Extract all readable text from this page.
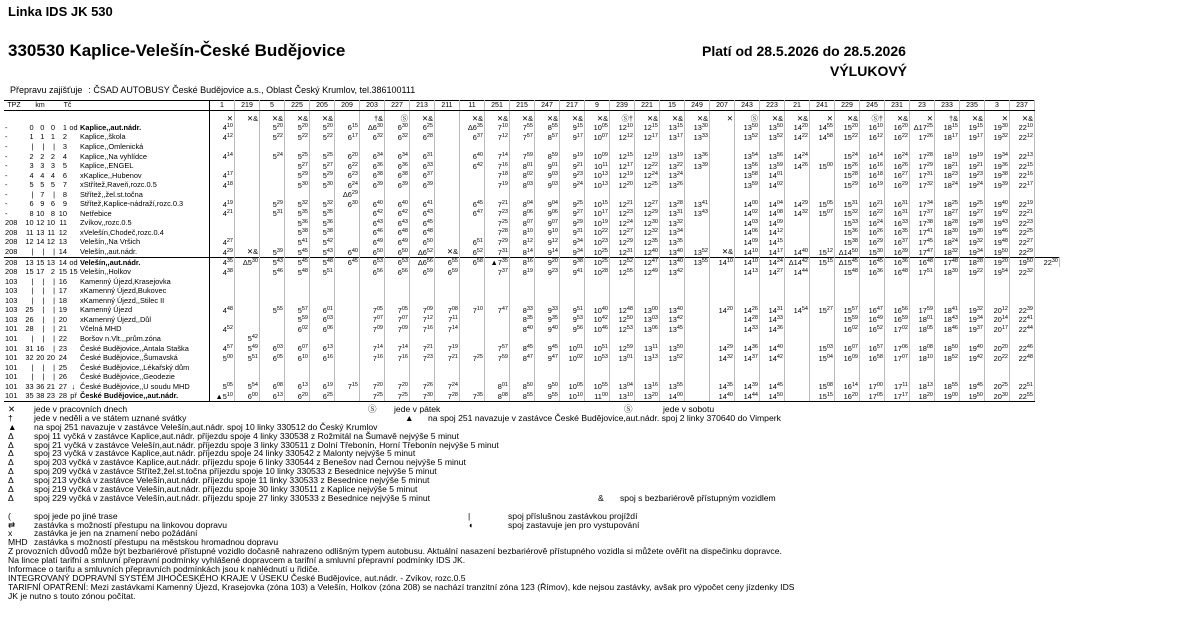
Linka IDS JK 530
330530 Kaplice-Velešín-České Budějovice	Platí od 28.5.2026 do 28.5.2026
VÝLUKOVÝ
Přepravu zajišťuje : ČSAD AUTOBUSY České Budějovice a.s., Oblast Český Krumlov, tel.386100111
TPZ	km			Tč			1	219	5	225	205	209	203	227	213	211	11	251	215	247	217	9	239	221	15	249	207	243	223	21	241	229	245	231	23	233	235	3	237	
							✕	✕&	✕&	✕&	✕&		†&	Ⓢ	✕&		✕&	✕&	✕&	✕&	✕&	✕&	Ⓢ†	✕&	✕&	✕&	✕	Ⓢ	✕&	✕&	✕	✕&	Ⓢ†	✕&	✕	†&	✕&	✕	✕&	
-	0	0	0	1	od	Kaplice,,aut.nádr.	$4^{10}$		$5^{20}$	$5^{20}$	$5^{20}$	$6^{15}$	$\Delta 6^{30}$	$6^{30}$	$6^{25}$		$\Delta 6^{35}$	$7^{10}$	$7^{55}$	$8^{55}$	$9^{15}$	$10^{05}$	$12^{10}$	$12^{15}$	$13^{15}$	$13^{30}$		$13^{50}$	$13^{50}$	$14^{20}$	$14^{55}$	$15^{20}$	$16^{10}$	$16^{20}$	$\Delta 17^{25}$	$18^{15}$	$19^{15}$	$19^{30}$	$22^{10}$
-	1	1	1	2		Kaplice,,škola	$4^{12}$		$5^{22}$	$5^{22}$	$5^{22}$	$6^{17}$	$6^{32}$	$6^{32}$	$6^{28}$		$6^{37}$	$7^{12}$	$7^{57}$	$8^{57}$	$9^{17}$	$10^{07}$	$12^{12}$	$12^{17}$	$13^{17}$	$13^{33}$		$13^{52}$	$13^{52}$	$14^{22}$	$14^{58}$	$15^{22}$	$16^{12}$	$16^{22}$	$17^{26}$	$18^{17}$	$19^{17}$	$19^{32}$	$22^{12}$
-	|	|	|	3		Kaplice,,Omlenická																																		
-	2	2	2	4		Kaplice,,Na vyhlídce	$4^{14}$		$5^{24}$	$5^{25}$	$5^{25}$	$6^{20}$	$6^{34}$	$6^{34}$	$6^{31}$		$6^{40}$	$7^{14}$	$7^{59}$	$8^{59}$	$9^{19}$	$10^{09}$	$12^{15}$	$12^{19}$	$13^{19}$	$13^{36}$		$13^{54}$	$13^{56}$	$14^{24}$		$15^{24}$	$16^{14}$	$16^{24}$	$17^{28}$	$18^{19}$	$19^{19}$	$19^{34}$	$22^{13}$
-	3	3	3	5		Kaplice,,ENGEL				$5^{27}$	$5^{27}$	$6^{22}$	$6^{36}$	$6^{36}$	$6^{33}$		$6^{42}$	$7^{16}$	$8^{01}$	$9^{01}$	$9^{21}$	$10^{11}$	$12^{17}$	$12^{22}$	$13^{22}$	$13^{39}$		$13^{56}$	$13^{59}$	$14^{26}$	$15^{00}$	$15^{26}$	$16^{16}$	$16^{26}$	$17^{29}$	$18^{21}$	$19^{21}$	$19^{36}$	$22^{15}$
-	4	4	4	6		xKaplice,,Hubenov	$4^{17}$			$5^{29}$	$5^{29}$	$6^{23}$	$6^{38}$	$6^{38}$	$6^{37}$			$7^{18}$	$8^{02}$	$9^{03}$	$9^{23}$	$10^{13}$	$12^{19}$	$12^{24}$	$13^{24}$			$13^{58}$	$14^{01}$			$15^{28}$	$16^{18}$	$16^{27}$	$17^{31}$	$18^{23}$	$19^{23}$	$19^{38}$	$22^{16}$
-	5	5	5	7		xStřítež,Raveň,rozc.0.5	$4^{18}$			$5^{30}$	$5^{30}$	$6^{24}$	$6^{39}$	$6^{39}$	$6^{39}$			$7^{19}$	$8^{03}$	$9^{03}$	$9^{24}$	$10^{13}$	$12^{20}$	$12^{25}$	$13^{26}$			$13^{59}$	$14^{02}$			$15^{29}$	$16^{19}$	$16^{29}$	$17^{32}$	$18^{24}$	$19^{24}$	$19^{39}$	$22^{17}$
-	|	7	|	8		Střítež,,žel.st.točna						$\Delta 6^{29}$																											
-	6	9	6	9		Střítež,Kaplice-nádraží,rozc.0.3	$4^{19}$		$5^{29}$	$5^{32}$	$5^{32}$	$6^{30}$	$6^{40}$	$6^{40}$	$6^{41}$		$6^{45}$	$7^{21}$	$8^{04}$	$9^{04}$	$9^{25}$	$10^{15}$	$12^{21}$	$12^{27}$	$13^{28}$	$13^{41}$		$14^{00}$	$14^{04}$	$14^{29}$	$15^{05}$	$15^{31}$	$16^{21}$	$16^{31}$	$17^{34}$	$18^{25}$	$19^{25}$	$19^{40}$	$22^{19}$
-	8	10	8	10		Netřebice	$4^{21}$		$5^{31}$	$5^{35}$	$5^{35}$		$6^{42}$	$6^{42}$	$6^{43}$		$6^{47}$	$7^{23}$	$8^{06}$	$9^{06}$	$9^{27}$	$10^{17}$	$12^{23}$	$12^{29}$	$13^{31}$	$13^{43}$		$14^{02}$	$14^{08}$	$14^{32}$	$15^{07}$	$15^{32}$	$16^{22}$	$16^{31}$	$17^{37}$	$18^{27}$	$19^{27}$	$19^{42}$	$22^{21}$
208	10	12	10	11		Zvíkov,,rozc.0.5				$5^{36}$	$5^{36}$		$6^{43}$	$6^{43}$	$6^{45}$			$7^{25}$	$8^{07}$	$9^{07}$	$9^{29}$	$10^{19}$	$12^{24}$	$12^{30}$	$13^{32}$			$14^{03}$	$14^{09}$			$15^{33}$	$16^{24}$	$16^{33}$	$17^{38}$	$18^{28}$	$19^{28}$	$19^{43}$	$22^{23}$
208	11	13	11	12		xVelešín,Chodeč,rozc.0.4				$5^{38}$	$5^{38}$		$6^{46}$	$6^{48}$	$6^{48}$			$7^{28}$	$8^{10}$	$9^{10}$	$9^{31}$	$10^{22}$	$12^{27}$	$12^{32}$	$13^{34}$			$14^{06}$	$14^{12}$			$15^{36}$	$16^{26}$	$16^{35}$	$17^{41}$	$18^{30}$	$19^{30}$	$19^{46}$	$22^{25}$
208	12	14	12	13		Velešín,,Na Vršich	$4^{27}$			$5^{41}$	$5^{42}$		$6^{49}$	$6^{49}$	$6^{50}$		$6^{51}$	$7^{29}$	$8^{12}$	$9^{12}$	$9^{34}$	$10^{23}$	$12^{29}$	$12^{35}$	$13^{35}$			$14^{09}$	$14^{15}$			$15^{38}$	$16^{29}$	$16^{37}$	$17^{45}$	$18^{24}$	$19^{32}$	$19^{48}$	$22^{27}$
208	|	|	|	14		Velešín,,aut.nádr.	$4^{29}$	✕&	$5^{39}$	$5^{45}$	$5^{43}$	$6^{40}$	$6^{50}$	$6^{50}$	$\Delta 6^{52}$	✕&	$6^{52}$	$7^{31}$	$8^{14}$	$9^{14}$	$9^{34}$	$10^{25}$	$12^{31}$	$12^{40}$	$13^{40}$	$13^{52}$	✕&	$14^{10}$	$14^{17}$	$14^{40}$	$15^{12}$	$\Delta 14^{50}$	$15^{30}$	$16^{39}$	$17^{47}$	$18^{32}$	$19^{34}$	$19^{50}$	$22^{29}$
208	13	15	13	14	od	Velešín,,aut.nádr.	$4^{35}$	$\Delta 5^{30}$	$5^{43}$	$5^{45}$	$5^{48}$	$6^{45}$	$6^{53}$	$6^{53}$	$\Delta 6^{56}$	$6^{55}$	$6^{58}$	$▲7^{35}$	$8^{16}$	$9^{20}$	$9^{38}$	$10^{25}$	$12^{52}$	$12^{47}$	$13^{40}$	$13^{55}$	$14^{10}$	$14^{10}$	$14^{24}$	$\Delta 14^{42}$	$15^{15}$	$\Delta 15^{45}$	$16^{45}$	$16^{36}$	$16^{48}$	$17^{48}$	$18^{28}$	$19^{20}$	$19^{50}$	$22^{30}$
208	15	17	2	15	15	Velešín,,Holkov	$4^{38}$		$5^{46}$	$5^{48}$	$5^{51}$		$6^{56}$	$6^{56}$	$6^{59}$	$6^{59}$		$7^{37}$	$8^{19}$	$9^{23}$	$9^{41}$	$10^{28}$	$12^{55}$	$12^{49}$	$13^{42}$			$14^{13}$	$14^{27}$	$14^{44}$		$15^{48}$	$16^{36}$	$16^{48}$	$17^{51}$	$18^{30}$	$19^{22}$	$19^{54}$	$22^{32}$
103	|	|	|	16		Kamenný Újezd,Krasejovka																																		
103	|	|	|	17		xKamenný Újezd,Bukovec																																		
103	|	|	|	18		xKamenný Újezd,,Stilec II																																		
103	25	|	|	19		Kamenný Újezd	$4^{48}$		$5^{55}$	$5^{57}$	$6^{01}$		$7^{05}$	$7^{05}$	$7^{09}$	$7^{08}$	$7^{10}$	$7^{47}$	$8^{33}$	$9^{33}$	$9^{51}$	$10^{40}$	$12^{48}$	$13^{00}$	$13^{40}$		$14^{20}$	$14^{26}$	$14^{31}$	$14^{54}$	$15^{27}$	$15^{57}$	$16^{47}$	$16^{56}$	$17^{59}$	$18^{41}$	$19^{32}$	$20^{12}$	$22^{39}$
103	26	|	|	20		xKamenný Újezd,,Důl				$5^{59}$	$6^{03}$		$7^{07}$	$7^{07}$	$7^{12}$	$7^{11}$			$8^{35}$	$9^{35}$	$9^{53}$	$10^{42}$	$12^{50}$	$13^{03}$	$13^{42}$			$14^{28}$	$14^{33}$			$15^{59}$	$16^{49}$	$16^{59}$	$18^{01}$	$18^{43}$	$19^{34}$	$20^{14}$	$22^{41}$
101	28	|	|	21		Včelná MHD	$4^{52}$			$6^{02}$	$6^{06}$		$7^{09}$	$7^{09}$	$7^{16}$	$7^{14}$			$8^{40}$	$9^{40}$	$9^{56}$	$10^{46}$	$12^{53}$	$13^{06}$	$13^{45}$			$14^{33}$	$14^{36}$			$16^{02}$	$16^{52}$	$17^{02}$	$18^{05}$	$18^{46}$	$19^{37}$	$20^{17}$	$22^{44}$
101	|	|	|	22		Boršov n.Vlt.,,prům.zóna		$5^{42}$																															
101	31	16	|	23		České Budějovice,,Antala Staška	$4^{57}$	$5^{49}$	$6^{03}$	$6^{07}$	$6^{13}$		$7^{14}$	$7^{14}$	$7^{21}$	$7^{19}$		$7^{57}$	$8^{45}$	$9^{45}$	$10^{01}$	$10^{51}$	$12^{59}$	$13^{11}$	$13^{50}$		$14^{29}$	$14^{36}$	$14^{40}$		$15^{03}$	$16^{07}$	$16^{57}$	$17^{06}$	$18^{08}$	$18^{50}$	$19^{40}$	$20^{20}$	$22^{46}$
101	32	20	20	24		České Budějovice,,Šumavská	$5^{00}$	$5^{51}$	$6^{05}$	$6^{10}$	$6^{16}$		$7^{16}$	$7^{16}$	$7^{23}$	$7^{21}$	$7^{25}$	$7^{59}$	$8^{47}$	$9^{47}$	$10^{02}$	$10^{53}$	$13^{01}$	$13^{13}$	$13^{52}$		$14^{32}$	$14^{37}$	$14^{42}$		$15^{04}$	$16^{09}$	$16^{58}$	$17^{07}$	$18^{10}$	$18^{52}$	$19^{42}$	$20^{22}$	$22^{48}$
101	|	|	|	25		České Budějovice,,Lékařský dům																																		
101	|	|	|	26		České Budějovice,,Geodezie																																		
101	33	36	21	27	↓	České Budějovice,,U soudu MHD	$5^{05}$	$5^{54}$	$6^{08}$	$6^{13}$	$6^{19}$	$7^{15}$	$7^{20}$	$7^{20}$	$7^{26}$	$7^{24}$		$8^{01}$	$8^{50}$	$9^{50}$	$10^{05}$	$10^{55}$	$13^{04}$	$13^{16}$	$13^{55}$		$14^{35}$	$14^{39}$	$14^{45}$		$15^{08}$	$16^{14}$	$17^{00}$	$17^{11}$	$18^{13}$	$18^{55}$	$19^{45}$	$20^{25}$	$22^{51}$
101	35	38	23	28	př	České Budějovice,,aut.nádr.	$▲5^{10}$	$6^{00}$	$6^{13}$	$6^{20}$	$6^{25}$		$7^{25}$	$7^{25}$	$7^{30}$	$7^{28}$	$7^{35}$	$8^{08}$	$8^{55}$	$9^{55}$	$10^{10}$	$11^{00}$	$13^{10}$	$13^{20}$	$14^{00}$		$14^{40}$	$14^{44}$	$14^{50}$		$15^{15}$	$16^{20}$	$17^{05}$	$17^{17}$	$18^{20}$	$19^{00}$	$19^{50}$	$20^{30}$	$22^{55}$
✕	jede v pracovních dnech	Ⓢ jede v pátek	Ⓢ	jede v sobotu
†	jede v neděli a ve státem uznané svátky	▲ na spoj 251 navazuje v zastávce České Budějovice,aut.nádr. spoj 2 linky 370640 do Vimperk
▲	na spoj 251 navazuje v zastávce Velešín,aut.nádr. spoj 10 linky 330512 do Český Krumlov
Δ	spoj 11 vyčká v zastávce Kaplice,aut.nádr. příjezdu spoje 4 linky 330538 z Rožmitál na Šumavě nejvýše 5 minut
Δ	spoj 21 vyčká v zastávce Velešín,aut.nádr. příjezdu spoje 3 linky 330511 z Dolní Třebonín, Horní Třebonín nejvýše 5 minut
Δ	spoj 23 vyčká v zastávce Kaplice,aut.nádr. příjezdu spoje 24 linky 330542 z Malonty nejvýše 5 minut
Δ	spoj 203 vyčká v zastávce Kaplice,aut.nádr. příjezdu spoje 6 linky 330544 z Benešov nad Černou nejvýše 5 minut
Δ	spoj 209 vyčká v zastávce Střítež,žel.st.točna příjezdu spoje 10 linky 330533 z Besednice nejvýše 5 minut
Δ	spoj 213 vyčká v zastávce Velešín,aut.nádr. příjezdu spoje 11 linky 330533 z Besednice nejvýše 5 minut
Δ	spoj 219 vyčká v zastávce Velešín,aut.nádr. příjezdu spoje 30 linky 330511 z Kaplice nejvýše 5 minut
Δ	spoj 229 vyčká v zastávce Velešín,aut.nádr. příjezdu spoje 27 linky 330533 z Besednice nejvýše 5 minut	& spoj s bezbariérově přístupným vozidlem
(	spoj jede po jiné trase	|	spoj příslušnou zastávkou projíždí
⇄	zastávka s možností přestupu na linkovou dopravu	◖	spoj zastavuje jen pro vystupování
x	zastávka je jen na znamení nebo požádání
MHD zastávka s možností přestupu na městskou hromadnou dopravu
Z provozních důvodů může být bezbariérové přístupné vozidlo dočasně nahrazeno odlišným typem autobusu. Aktuální nasazení bezbariérově přístupného vozidla si můžete ověřit na dispečinku dopravce.
Na lince platí tarifní a smluvní přepravní podmínky vyhlášené dopravcem a tarifní a smluvní přepravní podmínky IDS JK.
Informace o tarifu a smluvních přepravních podmínkách jsou k nahlédnutí u řidiče.
INTEGROVANÝ DOPRAVNÍ SYSTÉM JIHOČESKÉHO KRAJE V ÚSEKU České Budějovice, aut.nádr. - Zvíkov, rozc.0.5
TARIFNÍ OPATŘENÍ: Mezi zastávkami Kamenný Újezd, Krasejovka (zóna 103) a Velešín, Holkov (zóna 208) se nachází tranzitní zóna 123 (Římov), kde nejsou zastávky, avšak pro výpočet ceny jízdenky IDS
JK je nutno s touto zónou počítat.
